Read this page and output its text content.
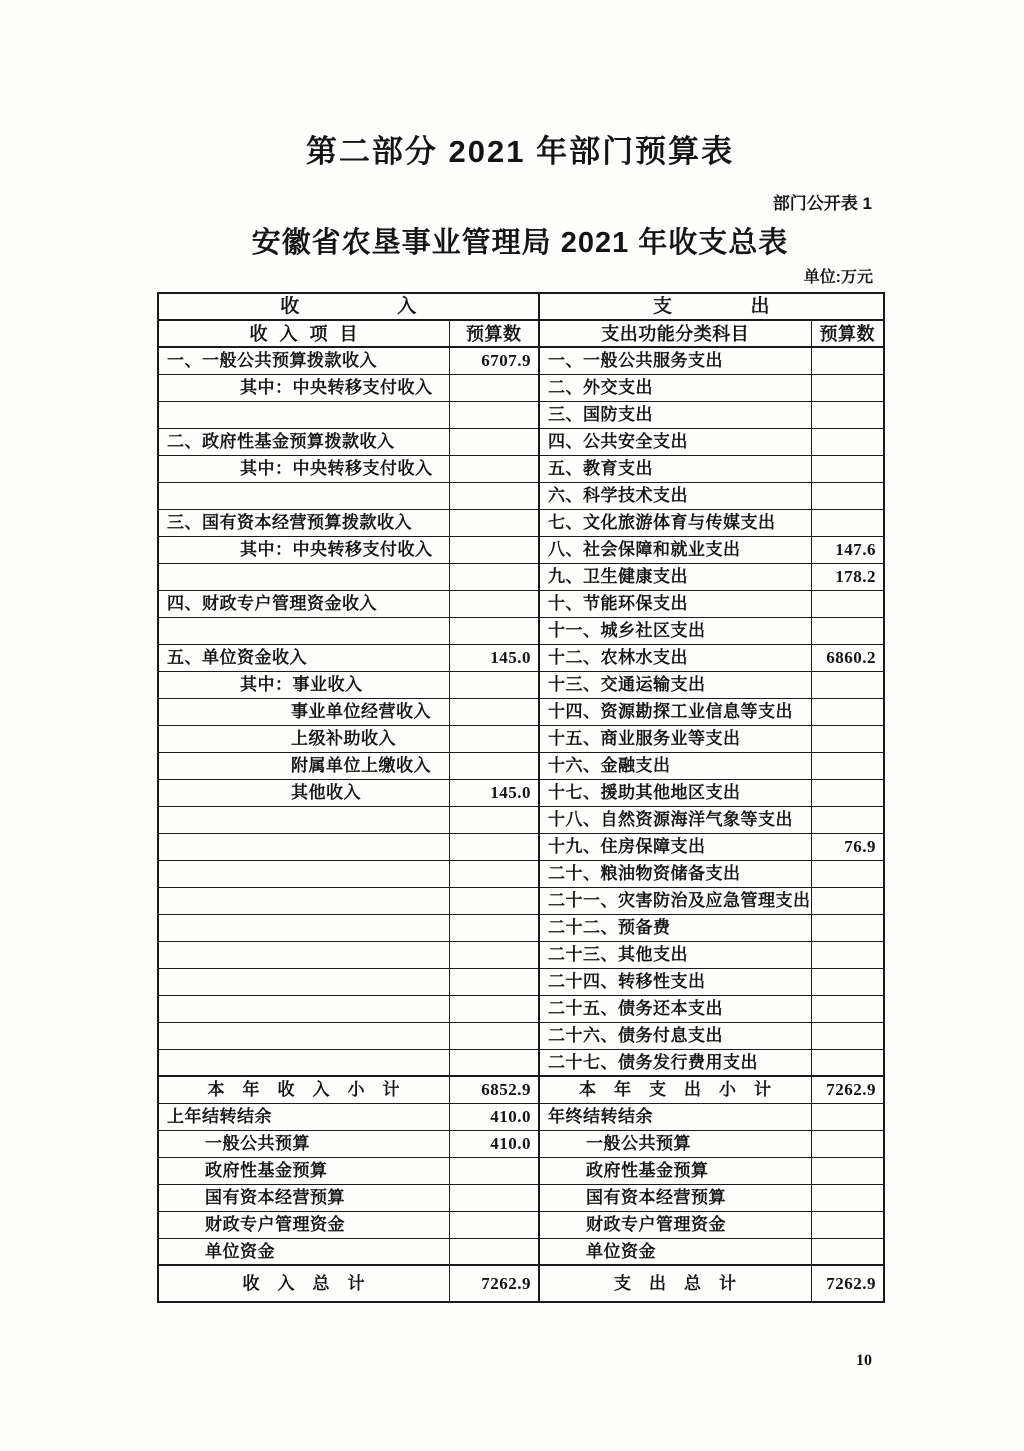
第二部分 2021 年部门预算表
部门公开表 1
安徽省农垦事业管理局 2021 年收支总表
单位:万元
收　　　　　入		支　　　　出	
收 入 项 目	预算数	支出功能分类科目	预算数
一、一般公共预算拨款收入	6707.9	一、一般公共服务支出	
其中：中央转移支付收入		二、外交支出	
		三、国防支出	
二、政府性基金预算拨款收入		四、公共安全支出	
其中：中央转移支付收入		五、教育支出	
		六、科学技术支出	
三、国有资本经营预算拨款收入		七、文化旅游体育与传媒支出	
其中：中央转移支付收入		八、社会保障和就业支出	147.6
		九、卫生健康支出	178.2
四、财政专户管理资金收入		十、节能环保支出	
		十一、城乡社区支出	
五、单位资金收入	145.0	十二、农林水支出	6860.2
其中：事业收入		十三、交通运输支出	
事业单位经营收入		十四、资源勘探工业信息等支出	
上级补助收入		十五、商业服务业等支出	
附属单位上缴收入		十六、金融支出	
其他收入	145.0	十七、援助其他地区支出	
		十八、自然资源海洋气象等支出	
		十九、住房保障支出	76.9
		二十、粮油物资储备支出	
		二十一、灾害防治及应急管理支出	
		二十二、预备费	
		二十三、其他支出	
		二十四、转移性支出	
		二十五、债务还本支出	
		二十六、债务付息支出	
		二十七、债务发行费用支出	
本　年　收　入　小　计	6852.9	本　年　支　出　小　计	7262.9
上年结转结余	410.0	年终结转结余	
一般公共预算	410.0	一般公共预算	
政府性基金预算		政府性基金预算	
国有资本经营预算		国有资本经营预算	
财政专户管理资金		财政专户管理资金	
单位资金		单位资金	
收　入　总　计	7262.9	支　出　总　计	7262.9
10
